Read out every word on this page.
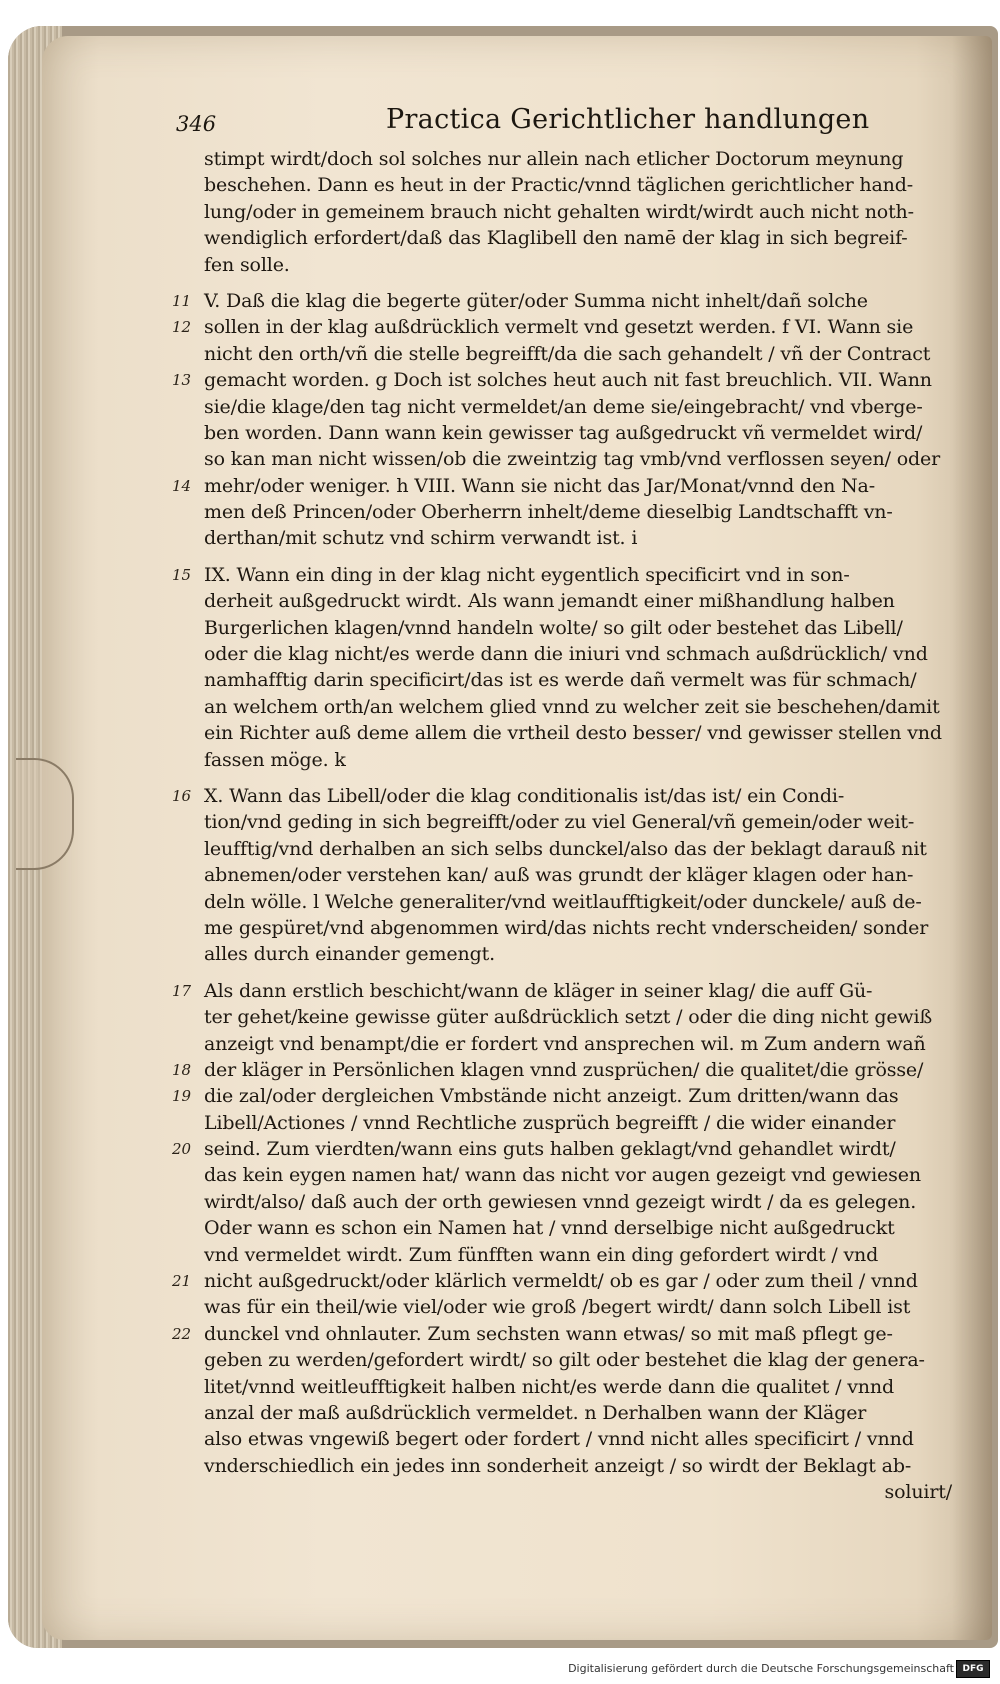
346	Practica Gerichtlicher handlungen
stimpt wirdt/doch sol solches nur allein nach etlicher Doctorum meynung
beschehen. Dann es heut in der Practic/vnnd täglichen gerichtlicher hand-
lung/oder in gemeinem brauch nicht gehalten wirdt/wirdt auch nicht noth-
wendiglich erfordert/daß das Klaglibell den namē der klag in sich begreif-
fen solle.
11 V. Daß die klag die begerte güter/oder Summa nicht inhelt/dañ solche
12 sollen in der klag außdrücklich vermelt vnd gesetzt werden. f VI. Wann sie
nicht den orth/vñ die stelle begreifft/da die sach gehandelt / vñ der Contract
13 gemacht worden. g Doch ist solches heut auch nit fast breuchlich. VII. Wann
sie/die klage/den tag nicht vermeldet/an deme sie/eingebracht/ vnd vberge-
ben worden. Dann wann kein gewisser tag außgedruckt vñ vermeldet wird/
so kan man nicht wissen/ob die zweintzig tag vmb/vnd verflossen seyen/ oder
14 mehr/oder weniger. h VIII. Wann sie nicht das Jar/Monat/vnnd den Na-
men deß Princen/oder Oberherrn inhelt/deme dieselbig Landtschafft vn-
derthan/mit schutz vnd schirm verwandt ist. i
15 IX. Wann ein ding in der klag nicht eygentlich specificirt vnd in son-
derheit außgedruckt wirdt. Als wann jemandt einer mißhandlung halben
Burgerlichen klagen/vnnd handeln wolte/ so gilt oder bestehet das Libell/
oder die klag nicht/es werde dann die iniuri vnd schmach außdrücklich/ vnd
namhafftig darin specificirt/das ist es werde dañ vermelt was für schmach/
an welchem orth/an welchem glied vnnd zu welcher zeit sie beschehen/damit
ein Richter auß deme allem die vrtheil desto besser/ vnd gewisser stellen vnd
fassen möge. k
16 X. Wann das Libell/oder die klag conditionalis ist/das ist/ ein Condi-
tion/vnd geding in sich begreifft/oder zu viel General/vñ gemein/oder weit-
leufftig/vnd derhalben an sich selbs dunckel/also das der beklagt darauß nit
abnemen/oder verstehen kan/ auß was grundt der kläger klagen oder han-
deln wölle. l Welche generaliter/vnd weitlaufftigkeit/oder dunckele/ auß de-
me gespüret/vnd abgenommen wird/das nichts recht vnderscheiden/ sonder
alles durch einander gemengt.
17 Als dann erstlich beschicht/wann de kläger in seiner klag/ die auff Gü-
ter gehet/keine gewisse güter außdrücklich setzt / oder die ding nicht gewiß
anzeigt vnd benampt/die er fordert vnd ansprechen wil. m Zum andern wañ
18 der kläger in Persönlichen klagen vnnd zusprüchen/ die qualitet/die grösse/
19 die zal/oder dergleichen Vmbstände nicht anzeigt. Zum dritten/wann das
Libell/Actiones / vnnd Rechtliche zusprüch begreifft / die wider einander
20 seind. Zum vierdten/wann eins guts halben geklagt/vnd gehandlet wirdt/
das kein eygen namen hat/ wann das nicht vor augen gezeigt vnd gewiesen
wirdt/also/ daß auch der orth gewiesen vnnd gezeigt wirdt / da es gelegen.
Oder wann es schon ein Namen hat / vnnd derselbige nicht außgedruckt
vnd vermeldet wirdt. Zum fünfften wann ein ding gefordert wirdt / vnd
21 nicht außgedruckt/oder klärlich vermeldt/ ob es gar / oder zum theil / vnnd
was für ein theil/wie viel/oder wie groß /begert wirdt/ dann solch Libell ist
22 dunckel vnd ohnlauter. Zum sechsten wann etwas/ so mit maß pflegt ge-
geben zu werden/gefordert wirdt/ so gilt oder bestehet die klag der genera-
litet/vnnd weitleufftigkeit halben nicht/es werde dann die qualitet / vnnd
anzal der maß außdrücklich vermeldet. n Derhalben wann der Kläger
also etwas vngewiß begert oder fordert / vnnd nicht alles specificirt / vnnd
vnderschiedlich ein jedes inn sonderheit anzeigt / so wirdt der Beklagt ab-
soluirt/
Digitalisierung gefördert durch die Deutsche Forschungsgemeinschaft DFG
